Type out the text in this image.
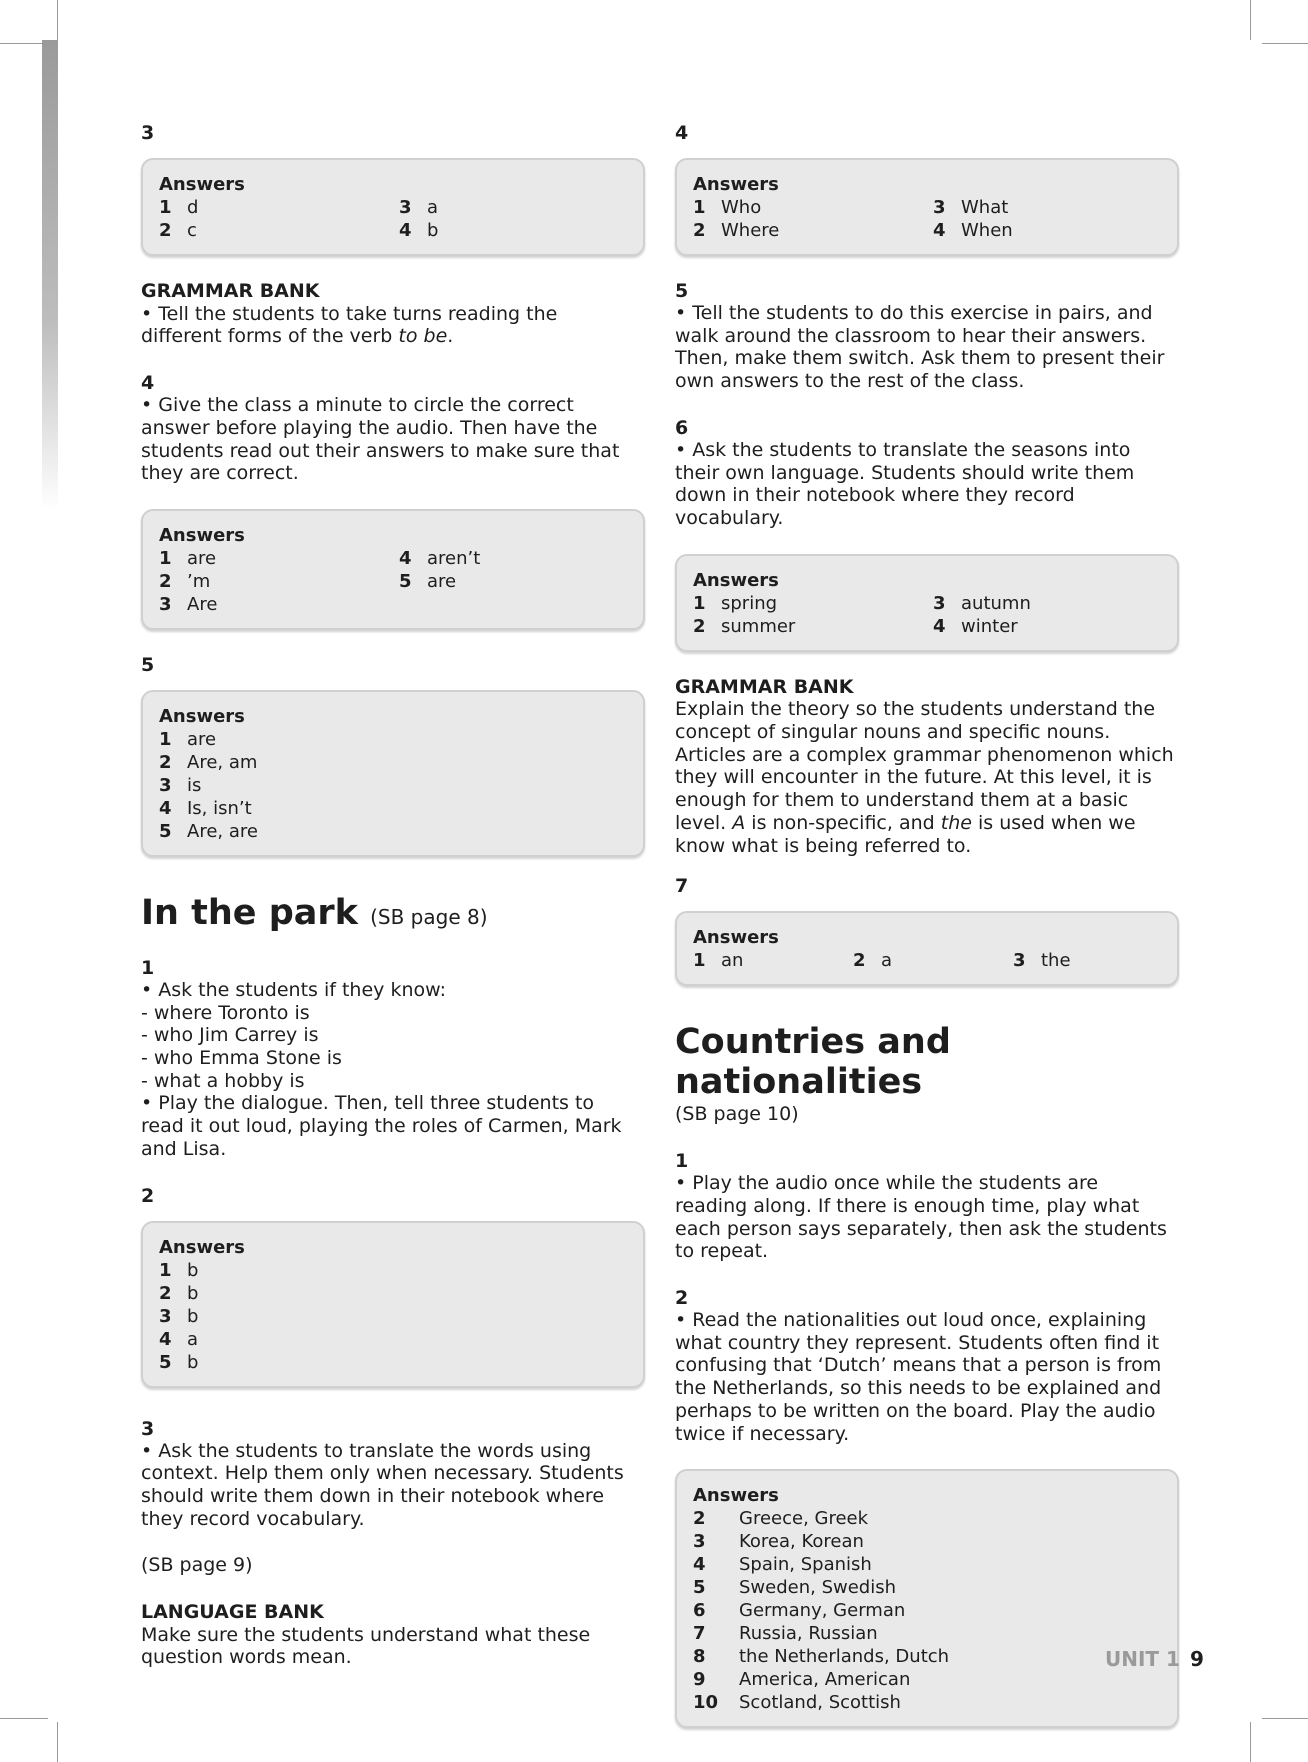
3
Answers
1 d	3 a
2 c	4 b
GRAMMAR BANK

• Tell the students to take turns reading the different forms of the verb to be.

4

• Give the class a minute to circle the correct answer before playing the audio. Then have the students read out their answers to make sure that they are correct.

Answers
1 are	4 aren’t
2 ’m	5 are
3 Are
5
Answers
1 are
2 Are, am
3 is
4 Is, isn’t
5 Are, are
In the park (SB page 8)
1

• Ask the students if they know:
- where Toronto is
- who Jim Carrey is
- who Emma Stone is
- what a hobby is
• Play the dialogue. Then, tell three students to read it out loud, playing the roles of Carmen, Mark and Lisa.

2
Answers
1 b
2 b
3 b
4 a
5 b
3

• Ask the students to translate the words using context. Help them only when necessary. Students should write them down in their notebook where they record vocabulary.

(SB page 9)

LANGUAGE BANK

Make sure the students understand what these question words mean.

4
Answers
1 Who	3 What
2 Where	4 When
5

• Tell the students to do this exercise in pairs, and walk around the classroom to hear their answers. Then, make them switch. Ask them to present their own answers to the rest of the class.

6

• Ask the students to translate the seasons into their own language. Students should write them down in their notebook where they record vocabulary.

Answers
1 spring	3 autumn
2 summer	4 winter
GRAMMAR BANK

Explain the theory so the students understand the concept of singular nouns and specific nouns. Articles are a complex grammar phenomenon which they will encounter in the future. At this level, it is enough for them to understand them at a basic level. A is non-specific, and the is used when we know what is being referred to.

7
Answers
1 an	2 a	3 the
Countries and nationalities
(SB page 10)
1

• Play the audio once while the students are reading along. If there is enough time, play what each person says separately, then ask the students to repeat.

2

• Read the nationalities out loud once, explaining what country they represent. Students often find it confusing that ‘Dutch’ means that a person is from the Netherlands, so this needs to be explained and perhaps to be written on the board. Play the audio twice if necessary.

Answers
2 Greece, Greek
3 Korea, Korean
4 Spain, Spanish
5 Sweden, Swedish
6 Germany, German
7 Russia, Russian
8 the Netherlands, Dutch
9 America, American
10 Scotland, Scottish
UNIT 1 9
